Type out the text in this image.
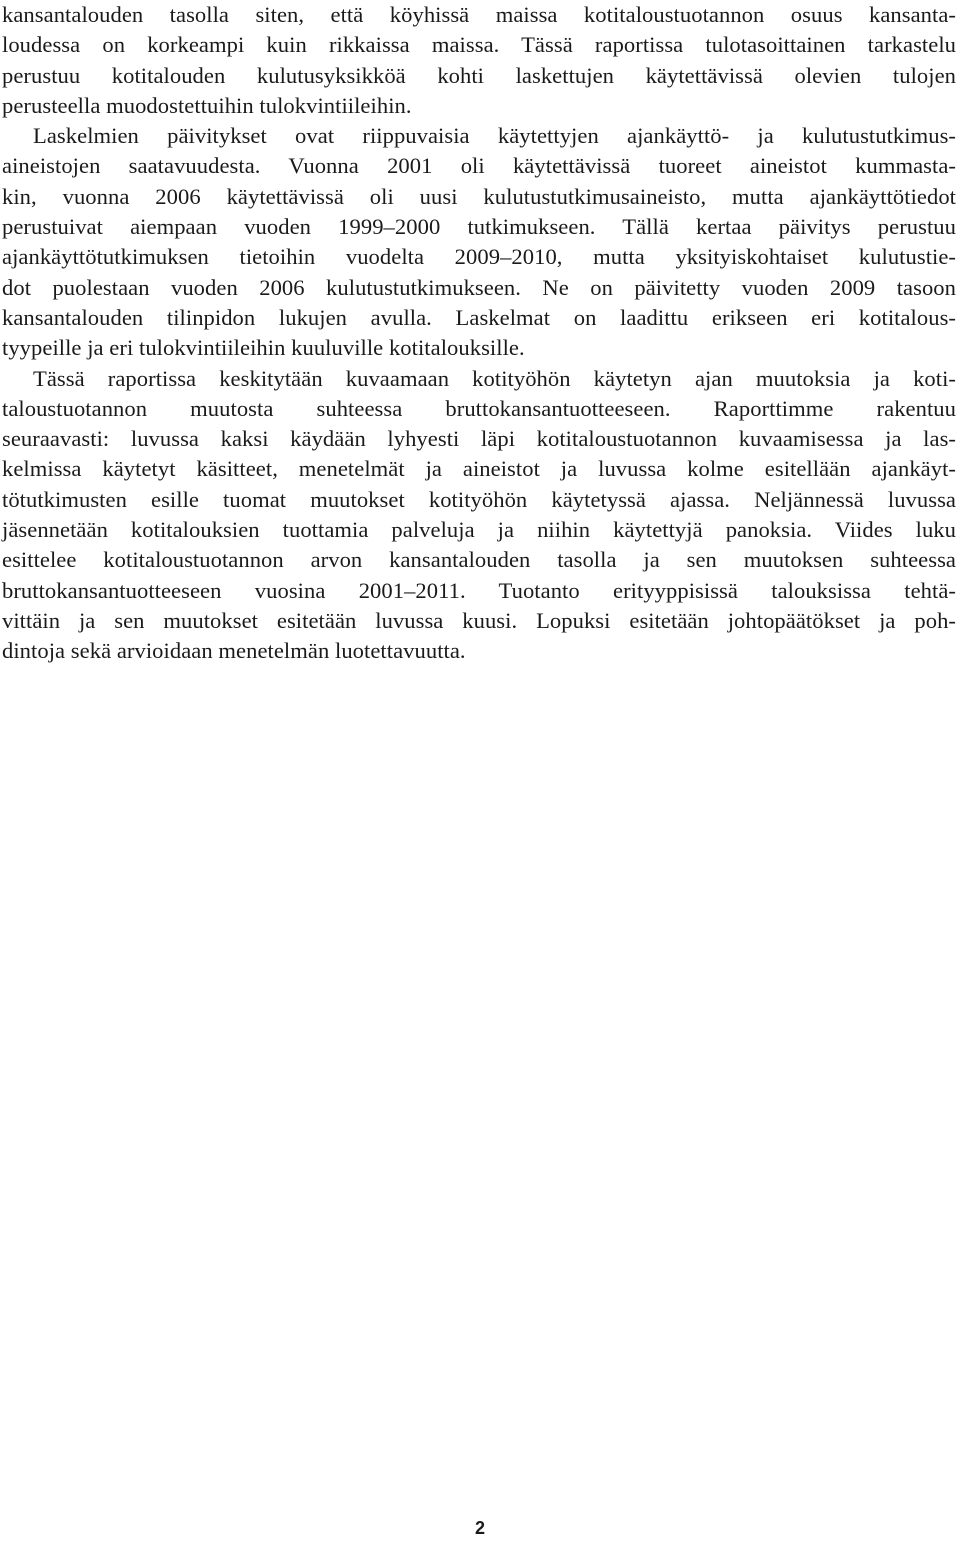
kansantalouden tasolla siten, että köyhissä maissa kotitaloustuotannon osuus kansanta-
loudessa on korkeampi kuin rikkaissa maissa. Tässä raportissa tulotasoittainen tarkastelu
perustuu kotitalouden kulutusyksikköä kohti laskettujen käytettävissä olevien tulojen
perusteella muodostettuihin tulokvintiileihin.
Laskelmien päivitykset ovat riippuvaisia käytettyjen ajankäyttö- ja kulutustutkimus-
aineistojen saatavuudesta. Vuonna 2001 oli käytettävissä tuoreet aineistot kummasta-
kin, vuonna 2006 käytettävissä oli uusi kulutustutkimusaineisto, mutta ajankäyttötiedot
perustuivat aiempaan vuoden 1999–2000 tutkimukseen. Tällä kertaa päivitys perustuu
ajankäyttötutkimuksen tietoihin vuodelta 2009–2010, mutta yksityiskohtaiset kulutustie-
dot puolestaan vuoden 2006 kulutustutkimukseen. Ne on päivitetty vuoden 2009 tasoon
kansantalouden tilinpidon lukujen avulla. Laskelmat on laadittu erikseen eri kotitalous-
tyypeille ja eri tulokvintiileihin kuuluville kotitalouksille.
Tässä raportissa keskitytään kuvaamaan kotityöhön käytetyn ajan muutoksia ja koti-
taloustuotannon muutosta suhteessa bruttokansantuotteeseen. Raporttimme rakentuu
seuraavasti: luvussa kaksi käydään lyhyesti läpi kotitaloustuotannon kuvaamisessa ja las-
kelmissa käytetyt käsitteet, menetelmät ja aineistot ja luvussa kolme esitellään ajankäyt-
tötutkimusten esille tuomat muutokset kotityöhön käytetyssä ajassa. Neljännessä luvussa
jäsennetään kotitalouksien tuottamia palveluja ja niihin käytettyjä panoksia. Viides luku
esittelee kotitaloustuotannon arvon kansantalouden tasolla ja sen muutoksen suhteessa
bruttokansantuotteeseen vuosina 2001–2011. Tuotanto erityyppisissä talouksissa tehtä-
vittäin ja sen muutokset esitetään luvussa kuusi. Lopuksi esitetään johtopäätökset ja poh-
dintoja sekä arvioidaan menetelmän luotettavuutta.
2
